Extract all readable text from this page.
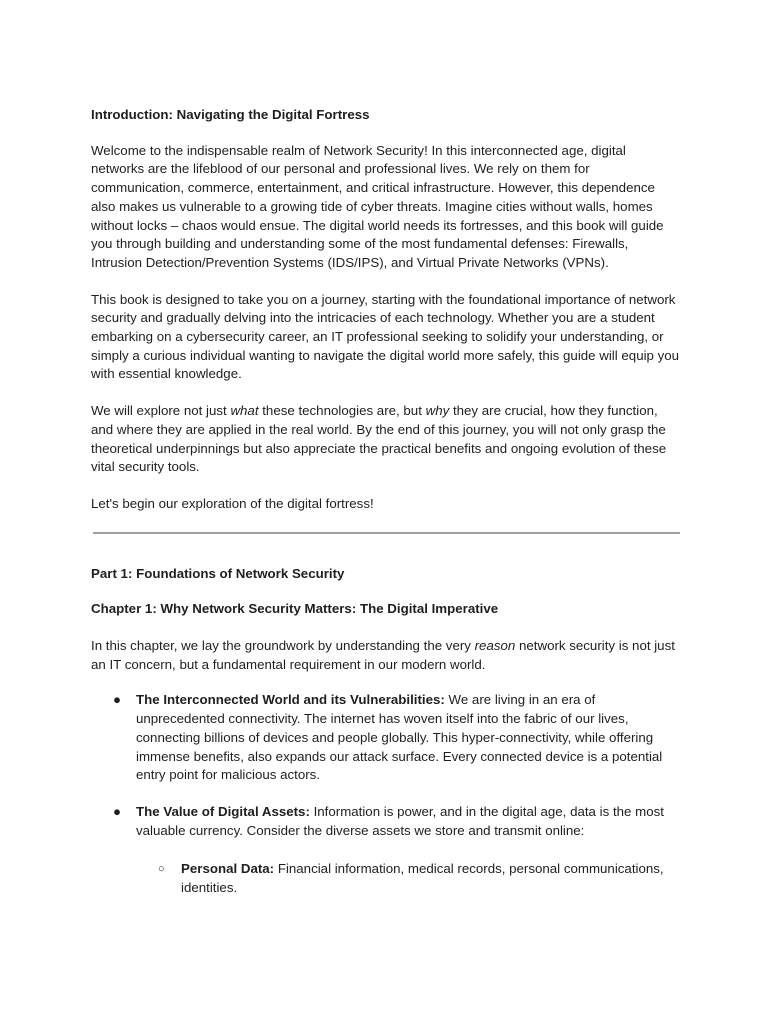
Introduction: Navigating the Digital Fortress

Welcome to the indispensable realm of Network Security! In this interconnected age, digital networks are the lifeblood of our personal and professional lives. We rely on them for communication, commerce, entertainment, and critical infrastructure. However, this dependence also makes us vulnerable to a growing tide of cyber threats. Imagine cities without walls, homes without locks – chaos would ensue. The digital world needs its fortresses, and this book will guide you through building and understanding some of the most fundamental defenses: Firewalls, Intrusion Detection/Prevention Systems (IDS/IPS), and Virtual Private Networks (VPNs).

This book is designed to take you on a journey, starting with the foundational importance of network security and gradually delving into the intricacies of each technology. Whether you are a student embarking on a cybersecurity career, an IT professional seeking to solidify your understanding, or simply a curious individual wanting to navigate the digital world more safely, this guide will equip you with essential knowledge.

We will explore not just what these technologies are, but why they are crucial, how they function, and where they are applied in the real world. By the end of this journey, you will not only grasp the theoretical underpinnings but also appreciate the practical benefits and ongoing evolution of these vital security tools.

Let's begin our exploration of the digital fortress!

Part 1: Foundations of Network Security

Chapter 1: Why Network Security Matters: The Digital Imperative

In this chapter, we lay the groundwork by understanding the very reason network security is not just an IT concern, but a fundamental requirement in our modern world.

● The Interconnected World and its Vulnerabilities: We are living in an era of unprecedented connectivity. The internet has woven itself into the fabric of our lives, connecting billions of devices and people globally. This hyper-connectivity, while offering immense benefits, also expands our attack surface. Every connected device is a potential entry point for malicious actors.
● The Value of Digital Assets: Information is power, and in the digital age, data is the most valuable currency. Consider the diverse assets we store and transmit online:
○ Personal Data: Financial information, medical records, personal communications, identities.
